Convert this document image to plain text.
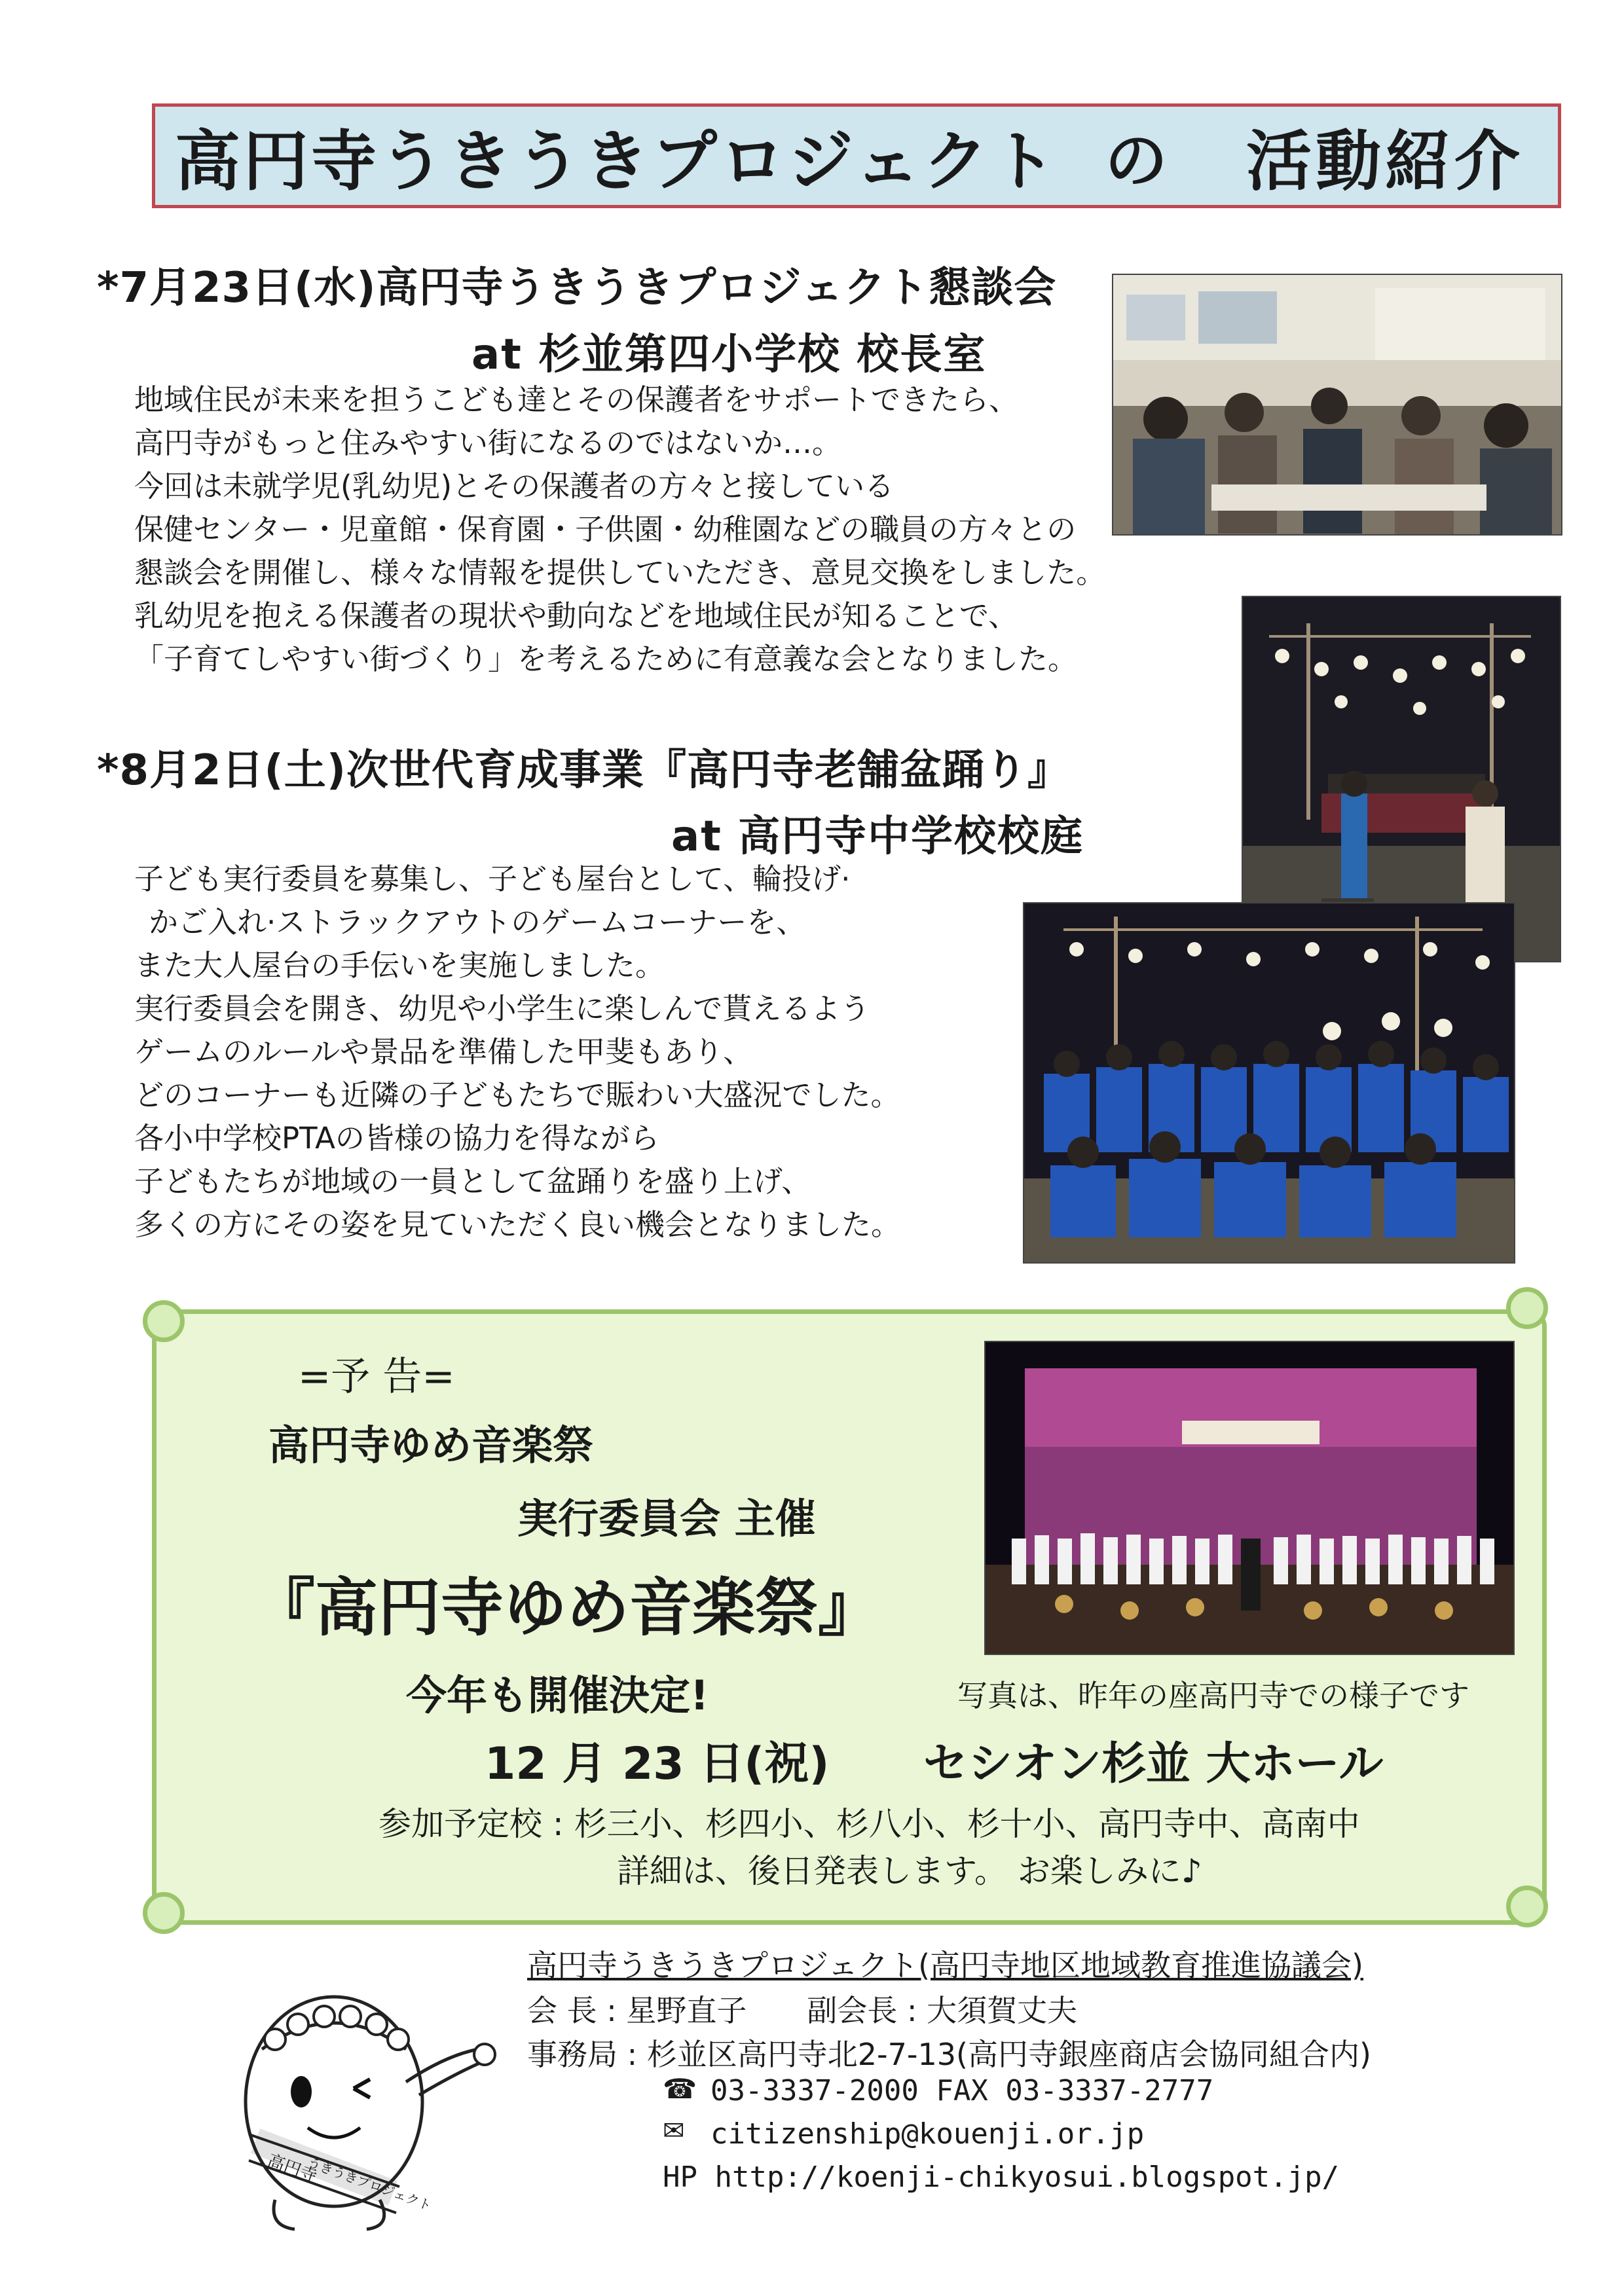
高円寺うきうきプロジェクト の 活動紹介
*7月23日(水)高円寺うきうきプロジェクト懇談会
at 杉並第四小学校 校長室
地域住民が未来を担うこども達とその保護者をサポートできたら、
高円寺がもっと住みやすい街になるのではないか…。
今回は未就学児(乳幼児)とその保護者の方々と接している
保健センター・児童館・保育園・子供園・幼稚園などの職員の方々との
懇談会を開催し、様々な情報を提供していただき、意見交換をしました。
乳幼児を抱える保護者の現状や動向などを地域住民が知ることで、
「子育てしやすい街づくり」を考えるために有意義な会となりました。
*8月2日(土)次世代育成事業『高円寺老舗盆踊り』
at 高円寺中学校校庭
子ども実行委員を募集し、子ども屋台として、輪投げ·
かご入れ·ストラックアウトのゲームコーナーを、
また大人屋台の手伝いを実施しました。
実行委員会を開き、幼児や小学生に楽しんで貰えるよう
ゲームのルールや景品を準備した甲斐もあり、
どのコーナーも近隣の子どもたちで賑わい大盛況でした。
各小中学校PTAの皆様の協力を得ながら
子どもたちが地域の一員として盆踊りを盛り上げ、
多くの方にその姿を見ていただく良い機会となりました。
=予 告=
高円寺ゆめ音楽祭
実行委員会 主催
『高円寺ゆめ音楽祭』
今年も開催決定!	写真は、昨年の座高円寺での様子です
12 月 23 日(祝) セシオン杉並 大ホール
参加予定校 : 杉三小、杉四小、杉八小、杉十小、高円寺中、高南中
詳細は、後日発表します。 お楽しみに♪
高円寺うきうきプロジェクト(高円寺地区地域教育推進協議会)
会 長 : 星野直子　　副会長 : 大須賀丈夫
事務局 : 杉並区高円寺北2-7-13(高円寺銀座商店会協同組合内)
☎ 03-3337-2000 FAX 03-3337-2777
✉ citizenship@kouenji.or.jp
HP http://koenji-chikyosui.blogspot.jp/
高円寺
うきうきプロジェクト
